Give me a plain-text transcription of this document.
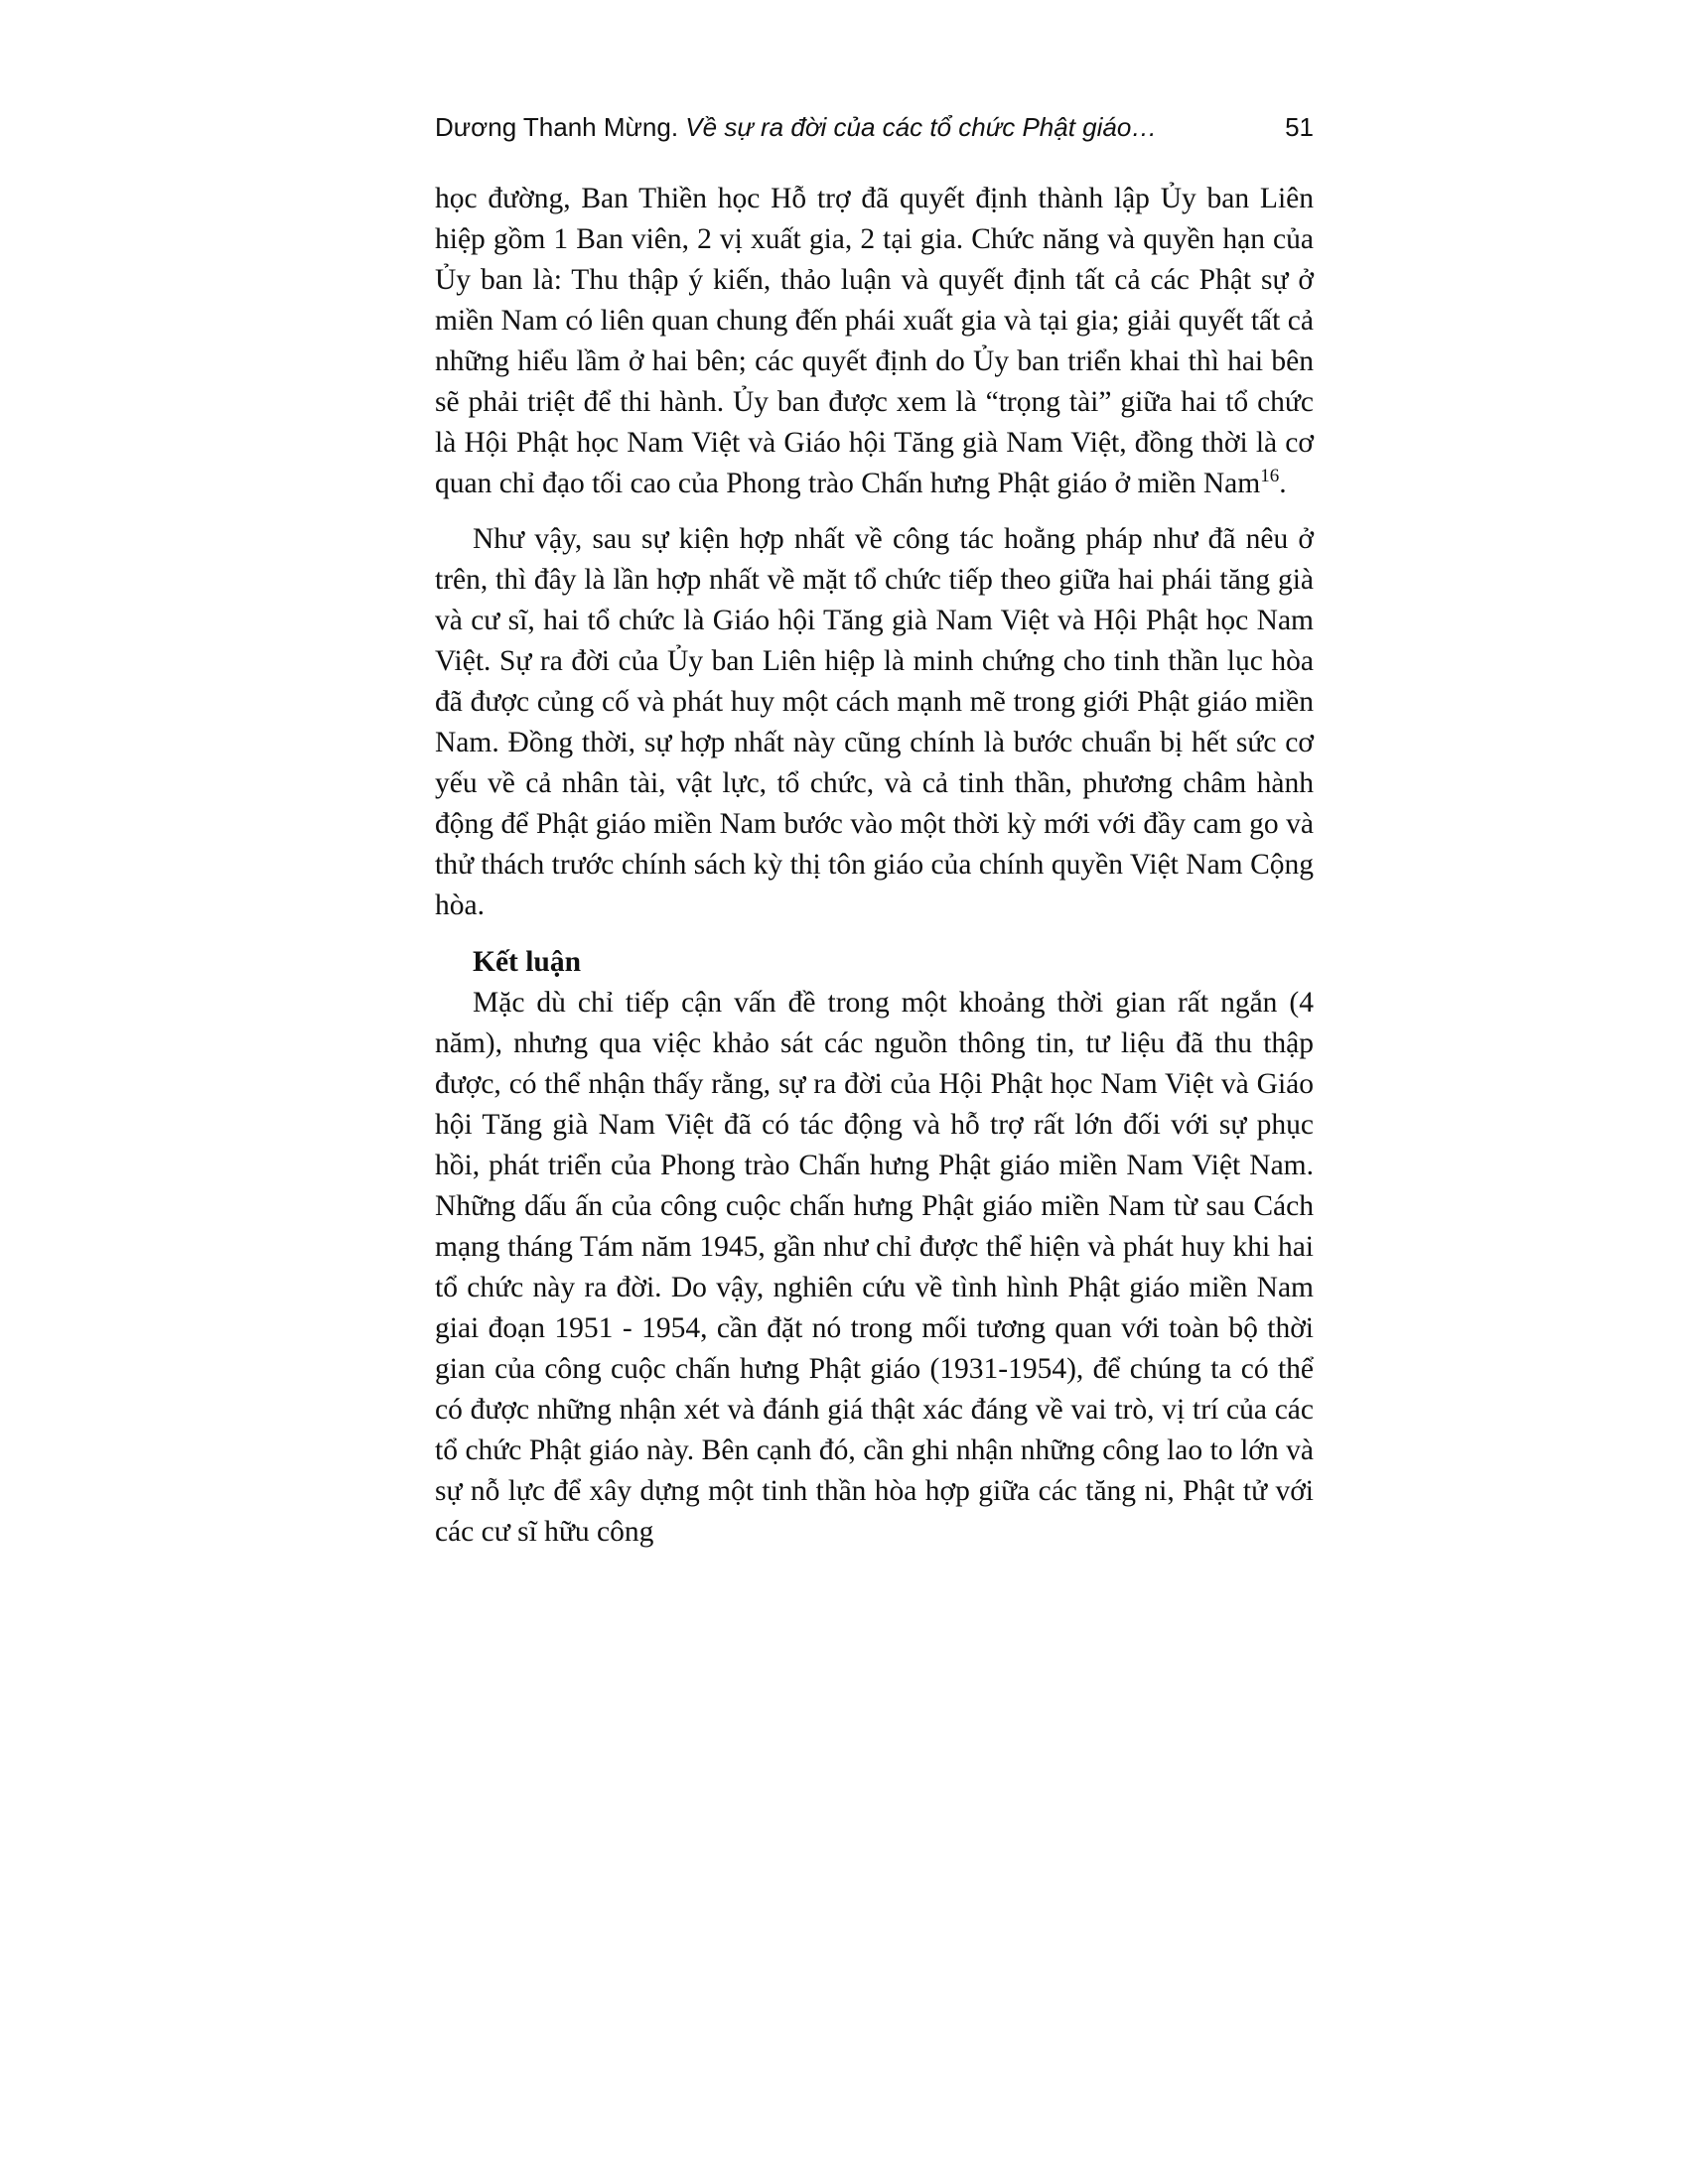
Dương Thanh Mừng. Về sự ra đời của các tổ chức Phật giáo…	51

học đường, Ban Thiền học Hỗ trợ đã quyết định thành lập Ủy ban Liên hiệp gồm 1 Ban viên, 2 vị xuất gia, 2 tại gia. Chức năng và quyền hạn của Ủy ban là: Thu thập ý kiến, thảo luận và quyết định tất cả các Phật sự ở miền Nam có liên quan chung đến phái xuất gia và tại gia; giải quyết tất cả những hiểu lầm ở hai bên; các quyết định do Ủy ban triển khai thì hai bên sẽ phải triệt để thi hành. Ủy ban được xem là “trọng tài” giữa hai tổ chức là Hội Phật học Nam Việt và Giáo hội Tăng già Nam Việt, đồng thời là cơ quan chỉ đạo tối cao của Phong trào Chấn hưng Phật giáo ở miền Nam$^{16}$.

Như vậy, sau sự kiện hợp nhất về công tác hoằng pháp như đã nêu ở trên, thì đây là lần hợp nhất về mặt tổ chức tiếp theo giữa hai phái tăng già và cư sĩ, hai tổ chức là Giáo hội Tăng già Nam Việt và Hội Phật học Nam Việt. Sự ra đời của Ủy ban Liên hiệp là minh chứng cho tinh thần lục hòa đã được củng cố và phát huy một cách mạnh mẽ trong giới Phật giáo miền Nam. Đồng thời, sự hợp nhất này cũng chính là bước chuẩn bị hết sức cơ yếu về cả nhân tài, vật lực, tổ chức, và cả tinh thần, phương châm hành động để Phật giáo miền Nam bước vào một thời kỳ mới với đầy cam go và thử thách trước chính sách kỳ thị tôn giáo của chính quyền Việt Nam Cộng hòa.

Kết luận

Mặc dù chỉ tiếp cận vấn đề trong một khoảng thời gian rất ngắn (4 năm), nhưng qua việc khảo sát các nguồn thông tin, tư liệu đã thu thập được, có thể nhận thấy rằng, sự ra đời của Hội Phật học Nam Việt và Giáo hội Tăng già Nam Việt đã có tác động và hỗ trợ rất lớn đối với sự phục hồi, phát triển của Phong trào Chấn hưng Phật giáo miền Nam Việt Nam. Những dấu ấn của công cuộc chấn hưng Phật giáo miền Nam từ sau Cách mạng tháng Tám năm 1945, gần như chỉ được thể hiện và phát huy khi hai tổ chức này ra đời. Do vậy, nghiên cứu về tình hình Phật giáo miền Nam giai đoạn 1951 - 1954, cần đặt nó trong mối tương quan với toàn bộ thời gian của công cuộc chấn hưng Phật giáo (1931-1954), để chúng ta có thể có được những nhận xét và đánh giá thật xác đáng về vai trò, vị trí của các tổ chức Phật giáo này. Bên cạnh đó, cần ghi nhận những công lao to lớn và sự nỗ lực để xây dựng một tinh thần hòa hợp giữa các tăng ni, Phật tử với các cư sĩ hữu công
